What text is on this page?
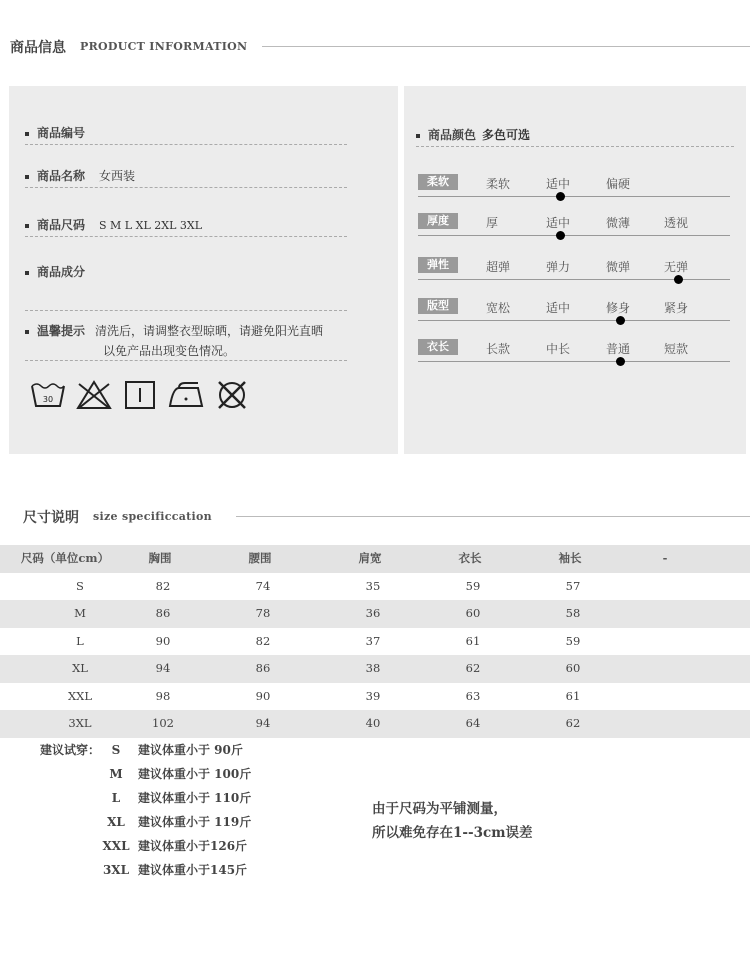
商品信息 PRODUCT INFORMATION
商品编号
商品名称 女西装
商品尺码 S M L XL 2XL 3XL
商品成分
温馨提示 清洗后，请调整衣型晾晒，请避免阳光直晒
以免产品出现变色情况。
30
商品颜色 多色可选
柔软	柔软	适中	偏硬
厚度	厚	适中	微薄	透视
弹性	超弹	弹力	微弹	无弹
版型	宽松	适中	修身	紧身
衣长	长款	中长	普通	短款
尺寸说明 size specificcation
尺码（单位cm）	胸围	腰围	肩宽	衣长	袖长	-
S	82	74	35	59	57
M	86	78	36	60	58
L	90	82	37	61	59
XL	94	86	38	62	60
XXL	98	90	39	63	61
3XL	102	94	40	64	62
建议试穿： S 建议体重小于 90斤
M 建议体重小于 100斤
L 建议体重小于 110斤
XL 建议体重小于 119斤
XXL 建议体重小于126斤
3XL 建议体重小于145斤
由于尺码为平铺测量，
所以难免存在1--3cm误差
